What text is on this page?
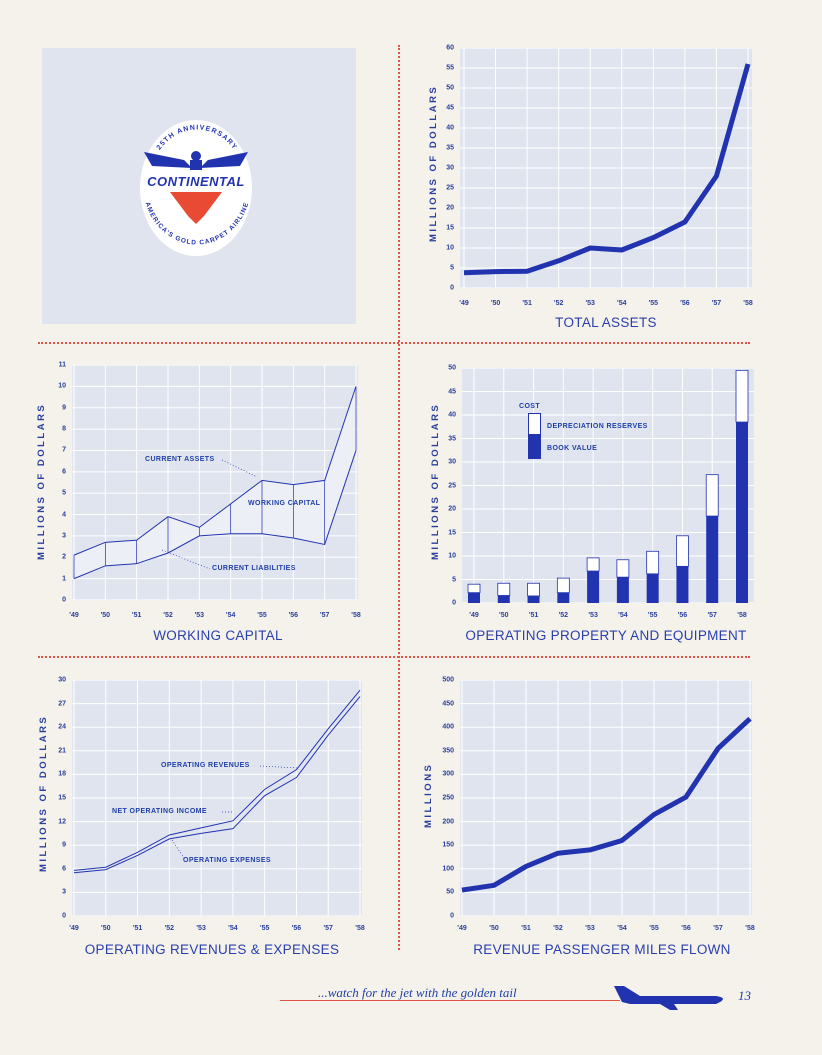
25TH ANNIVERSARY
AMERICA'S GOLD CARPET AIRLINE
CONTINENTAL	MILLIONS OF DOLLARS
TOTAL ASSETS
MILLIONS OF DOLLARS	CURRENT ASSETS
WORKING CAPITAL
CURRENT LIABILITIES
WORKING CAPITAL
MILLIONS OF DOLLARS	COST
DEPRECIATION RESERVES
BOOK VALUE
OPERATING PROPERTY AND EQUIPMENT
MILLIONS OF DOLLARS	OPERATING REVENUES
NET OPERATING INCOME
OPERATING EXPENSES
OPERATING REVENUES & EXPENSES
MILLIONS
REVENUE PASSENGER MILES FLOWN
...watch for the jet with the golden tail	13
0
5
10
15
20
25
30
35
40
45
50
55
60
'49	'50	'51	'52	'53	'54	'55	'56	'57	'58
0
1
2
3
4
5
6
7
8
9
10
11
'49	'50	'51	'52	'53	'54	'55	'56	'57	'58
0
5
10
15
20
25
30
35
40
45
50
'49	'50	'51	'52	'53	'54	'55	'56	'57	'58
0
3
6
9
12
15
18
21
24
27
30
'49	'50	'51	'52	'53	'54	'55	'56	'57	'58
0
50
100
150
200
250
300
350
400
450
500
'49	'50	'51	'52	'53	'54	'55	'56	'57	'58
